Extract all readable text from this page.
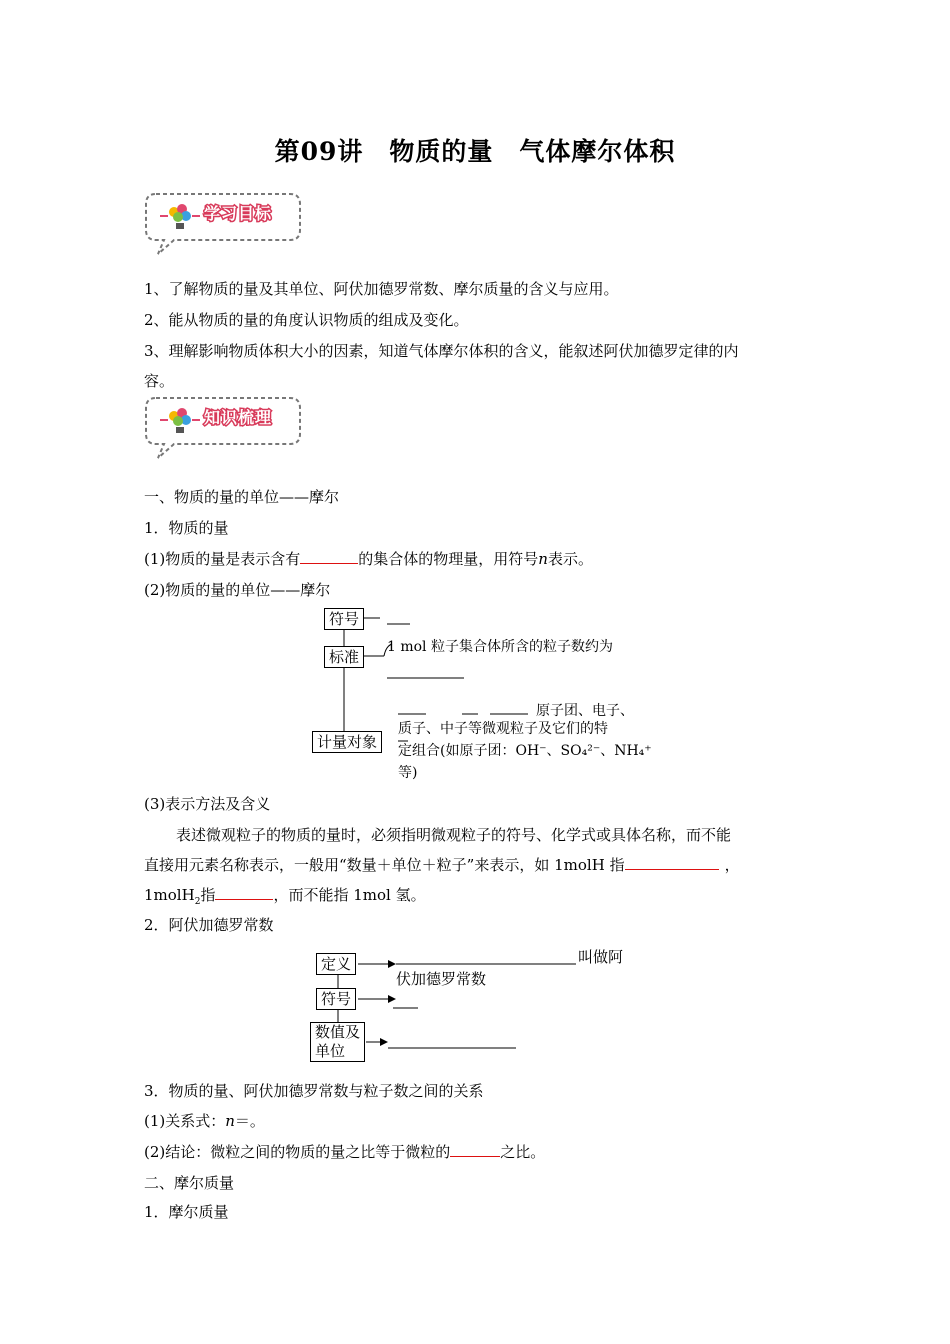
第09讲　物质的量　气体摩尔体积
学习目标
1、了解物质的量及其单位、阿伏加德罗常数、摩尔质量的含义与应用。
2、能从物质的量的角度认识物质的组成及变化。
3、理解影响物质体积大小的因素，知道气体摩尔体积的含义，能叙述阿伏加德罗定律的内
容。
知识梳理
一、物质的量的单位——摩尔
1．物质的量
(1)物质的量是表示含有	的集合体的物理量，用符号n表示。
(2)物质的量的单位——摩尔
符号
标准
计量对象
1 mol 粒子集合体所含的粒子数约为
原子团、电子、
质子、中子等微观粒子及它们的特
定组合(如原子团：OH⁻、SO₄²⁻、NH₄⁺
等)
(3)表示方法及含义
表述微观粒子的物质的量时，必须指明微观粒子的符号、化学式或具体名称，而不能
直接用元素名称表示，一般用“数量＋单位＋粒子”来表示，如 1molH 指	，
1molH$_2$指	，而不能指 1mol 氢。
2．阿伏加德罗常数
定义
符号
数值及
单位
叫做阿
伏加德罗常数
3．物质的量、阿伏加德罗常数与粒子数之间的关系
(1)关系式：n＝。
(2)结论：微粒之间的物质的量之比等于微粒的	之比。
二、摩尔质量
1．摩尔质量
